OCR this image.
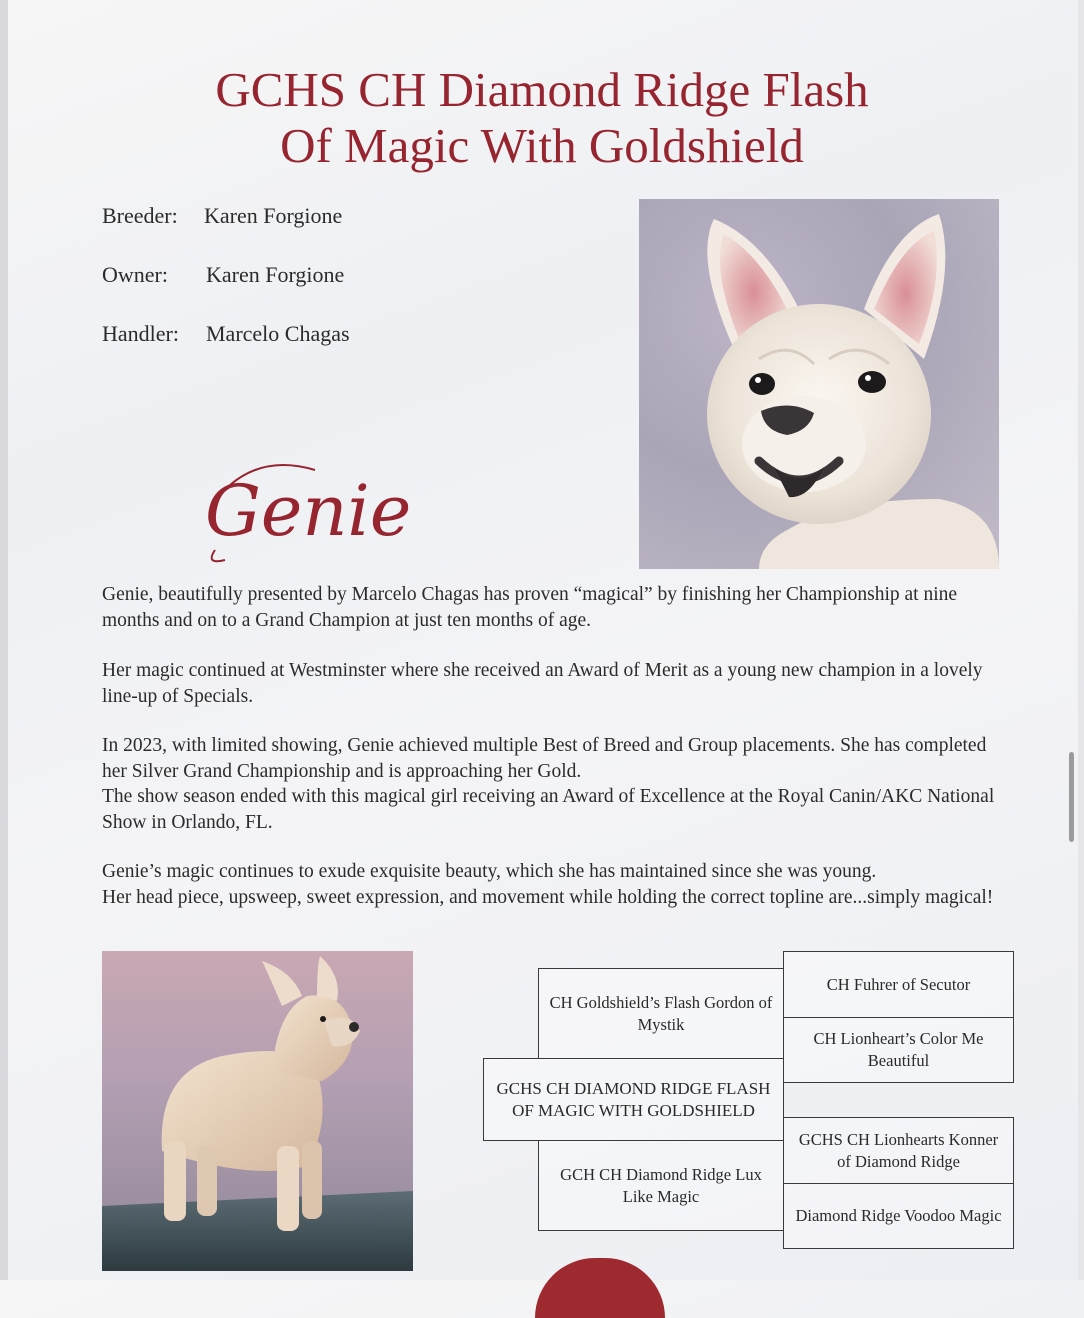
GCHS CH Diamond Ridge Flash
Of Magic With Goldshield
Breeder: Karen Forgione
Owner: Karen Forgione
Handler: Marcelo Chagas
Genie

Genie, beautifully presented by Marcelo Chagas has proven “magical” by finishing her Championship at nine months and on to a Grand Champion at just ten months of age.

Her magic continued at Westminster where she received an Award of Merit as a young new champion in a lovely line-up of Specials.

In 2023, with limited showing, Genie achieved multiple Best of Breed and Group placements. She has completed her Silver Grand Championship and is approaching her Gold.

The show season ended with this magical girl receiving an Award of Excellence at the Royal Canin/AKC National Show in Orlando, FL.

Genie’s magic continues to exude exquisite beauty, which she has maintained since she was young.

Her head piece, upsweep, sweet expression, and movement while holding the correct topline are...simply magical!

GCHS CH DIAMOND RIDGE FLASH OF MAGIC WITH GOLDSHIELD
CH Goldshield’s Flash Gordon of Mystik
GCH CH Diamond Ridge Lux Like Magic
CH Fuhrer of Secutor
CH Lionheart’s Color Me Beautiful
GCHS CH Lionhearts Konner of Diamond Ridge
Diamond Ridge Voodoo Magic
